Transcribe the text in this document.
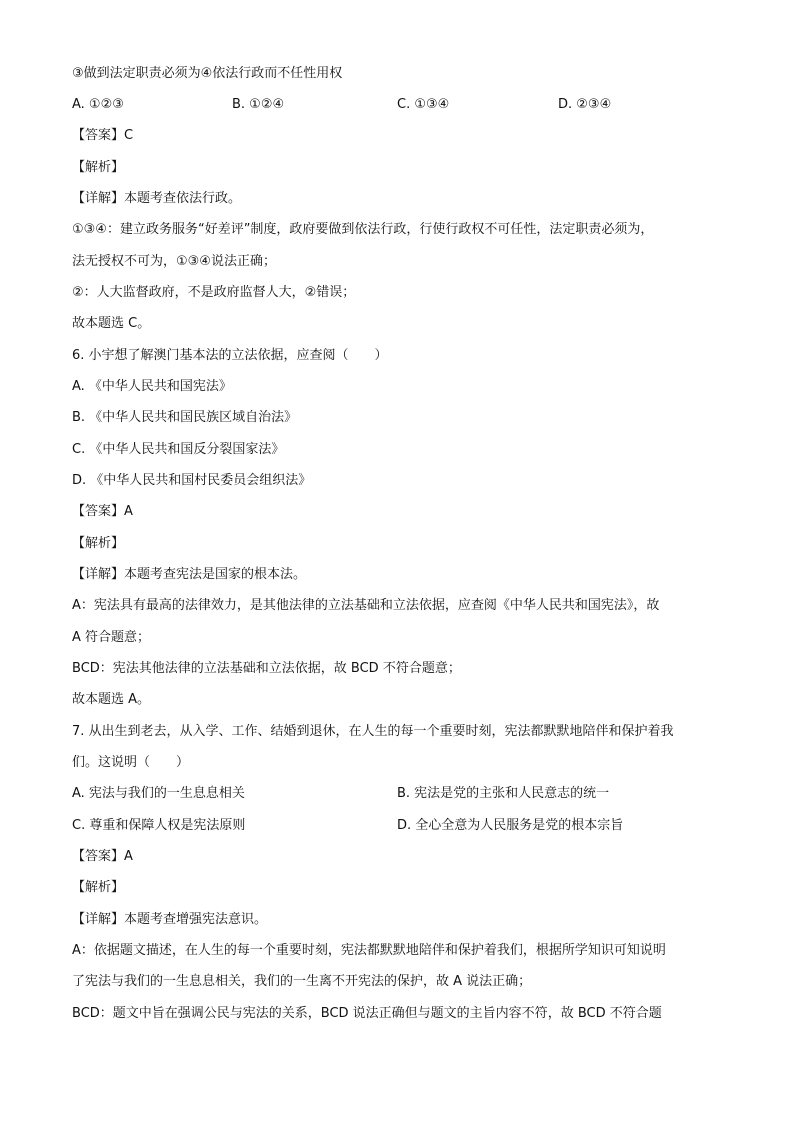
③做到法定职责必须为④依法行政而不任性用权
A. ①②③	B. ①②④	C. ①③④	D. ②③④
【答案】C
【解析】
【详解】本题考查依法行政。
①③④：建立政务服务“好差评”制度，政府要做到依法行政，行使行政权不可任性，法定职责必须为，
法无授权不可为，①③④说法正确；
②：人大监督政府，不是政府监督人大，②错误；
故本题选 C。
6. 小宇想了解澳门基本法的立法依据，应查阅（　　）
A. 《中华人民共和国宪法》
B. 《中华人民共和国民族区域自治法》
C. 《中华人民共和国反分裂国家法》
D. 《中华人民共和国村民委员会组织法》
【答案】A
【解析】
【详解】本题考查宪法是国家的根本法。
A：宪法具有最高的法律效力，是其他法律的立法基础和立法依据，应查阅《中华人民共和国宪法》，故
A 符合题意；
BCD：宪法其他法律的立法基础和立法依据，故 BCD 不符合题意；
故本题选 A。
7. 从出生到老去，从入学、工作、结婚到退休，在人生的每一个重要时刻，宪法都默默地陪伴和保护着我
们。这说明（　　）
A. 宪法与我们的一生息息相关	B. 宪法是党的主张和人民意志的统一
C. 尊重和保障人权是宪法原则	D. 全心全意为人民服务是党的根本宗旨
【答案】A
【解析】
【详解】本题考查增强宪法意识。
A：依据题文描述，在人生的每一个重要时刻，宪法都默默地陪伴和保护着我们，根据所学知识可知说明
了宪法与我们的一生息息相关，我们的一生离不开宪法的保护，故 A 说法正确；
BCD：题文中旨在强调公民与宪法的关系，BCD 说法正确但与题文的主旨内容不符，故 BCD 不符合题
